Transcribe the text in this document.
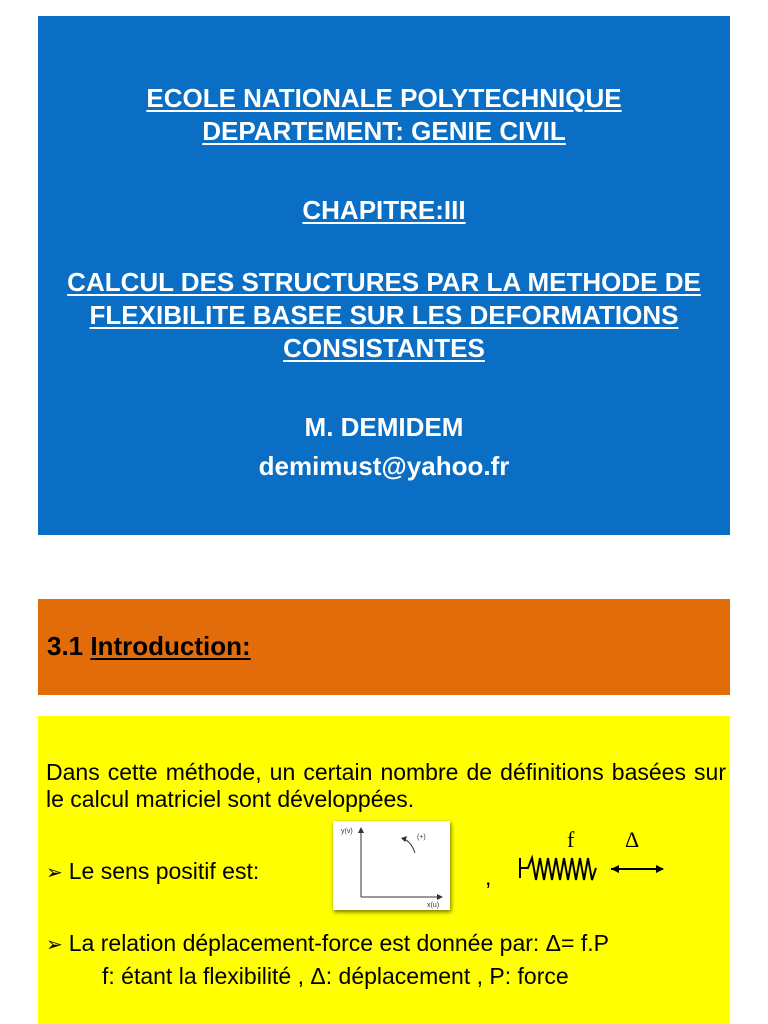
ECOLE NATIONALE POLYTECHNIQUE
DEPARTEMENT: GENIE CIVIL
CHAPITRE:III
CALCUL DES STRUCTURES PAR LA METHODE DE FLEXIBILITE BASEE SUR LES DEFORMATIONS CONSISTANTES
M. DEMIDEM
demimust@yahoo.fr
3.1 Introduction:
Dans cette méthode, un certain nombre de définitions basées sur le calcul matriciel sont développées.
➢ Le sens positif est:
y(v)
x(u)
(+)
,
f Δ
➢ La relation déplacement-force est donnée par: Δ= f.P
f: étant la flexibilité , Δ: déplacement , P: force
